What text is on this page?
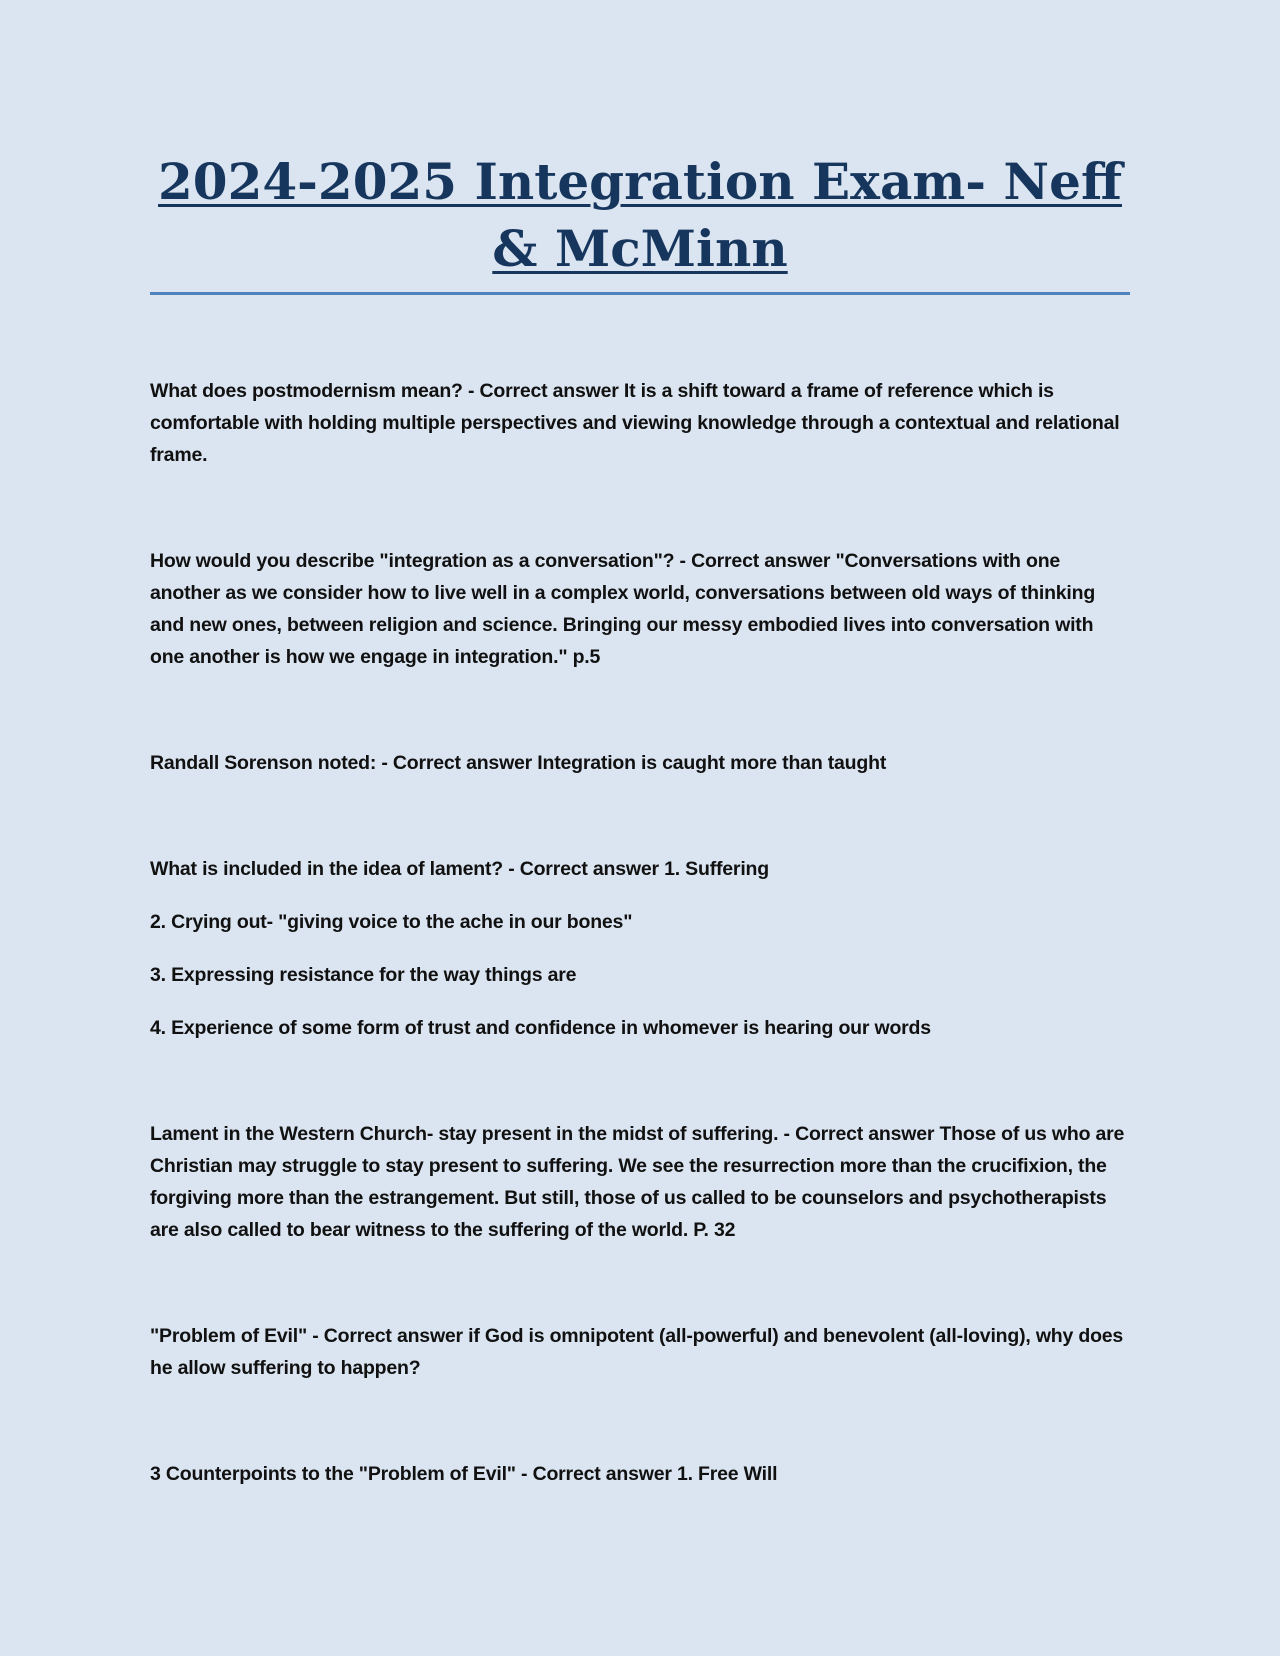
2024-2025 Integration Exam- Neff & McMinn

What does postmodernism mean? - Correct answer It is a shift toward a frame of reference which is comfortable with holding multiple perspectives and viewing knowledge through a contextual and relational frame.

How would you describe "integration as a conversation"? - Correct answer "Conversations with one another as we consider how to live well in a complex world, conversations between old ways of thinking and new ones, between religion and science. Bringing our messy embodied lives into conversation with one another is how we engage in integration." p.5

Randall Sorenson noted: - Correct answer Integration is caught more than taught

What is included in the idea of lament? - Correct answer 1. Suffering

2. Crying out- "giving voice to the ache in our bones"

3. Expressing resistance for the way things are

4. Experience of some form of trust and confidence in whomever is hearing our words

Lament in the Western Church- stay present in the midst of suffering. - Correct answer Those of us who are Christian may struggle to stay present to suffering. We see the resurrection more than the crucifixion, the forgiving more than the estrangement. But still, those of us called to be counselors and psychotherapists are also called to bear witness to the suffering of the world. P. 32

"Problem of Evil" - Correct answer if God is omnipotent (all-powerful) and benevolent (all-loving), why does he allow suffering to happen?

3 Counterpoints to the "Problem of Evil" - Correct answer 1. Free Will
